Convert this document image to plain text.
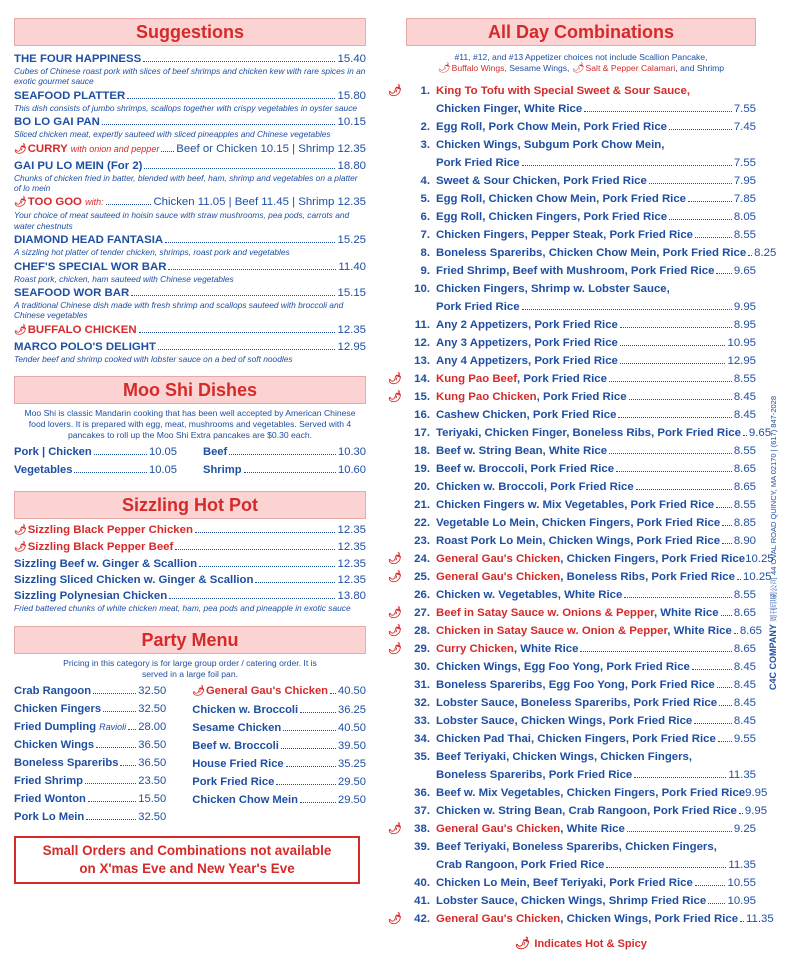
Suggestions
THE FOUR HAPPINESS	15.40
Cubes of Chinese roast pork with slices of beef shrimps and chicken kew with rare spices in an exotic gourmet sauce
SEAFOOD PLATTER	15.80
This dish consists of jumbo shrimps, scallops together with crispy vegetables in oyster sauce
BO LO GAI PAN	10.15
Sliced chicken meat, expertly sauteed with sliced pineapples and Chinese vegetables
🌶︎CURRY with onion and pepper Beef or Chicken 10.15 | Shrimp 12.35
GAI PU LO MEIN (For 2)	18.80
Chunks of chicken fried in batter, blended with beef, ham, shrimp and vegetables on a platter of lo mein
🌶︎TOO GOO with:	Chicken 11.05 | Beef 11.45 | Shrimp 12.35
Your choice of meat sauteed in hoisin sauce with straw mushrooms, pea pods, carrots and water chestnuts
DIAMOND HEAD FANTASIA	15.25
A sizzling hot platter of tender chicken, shrimps, roast pork and vegetables
CHEF'S SPECIAL WOR BAR	11.40
Roast pork, chicken, ham sauteed with Chinese vegetables
SEAFOOD WOR BAR	15.15
A traditional Chinese dish made with fresh shrimp and scallops sauteed with broccoli and Chinese vegetables
🌶︎BUFFALO CHICKEN	12.35
MARCO POLO'S DELIGHT	12.95
Tender beef and shrimp cooked with lobster sauce on a bed of soft noodles
Moo Shi Dishes
Moo Shi is classic Mandarin cooking that has been well accepted by American Chinese food lovers. It is prepared with egg, meat, mushrooms and vegetables. Served with 4 pancakes to roll up the Moo Shi Extra pancakes are $0.30 each.
Pork | Chicken	10.05 Beef	10.30
Vegetables	10.05 Shrimp	10.60
Sizzling Hot Pot
🌶︎Sizzling Black Pepper Chicken	12.35
🌶︎Sizzling Black Pepper Beef	12.35
Sizzling Beef w. Ginger & Scallion	12.35
Sizzling Sliced Chicken w. Ginger & Scallion	12.35
Sizzling Polynesian Chicken	13.80
Fried battered chunks of white chicken meat, ham, pea pods and pineapple in exotic sauce
Party Menu
Pricing in this category is for large group order / catering order. It is served in a large foil pan.
Crab Rangoon	32.50
Chicken Fingers	32.50
Fried Dumpling Ravioli 28.00
Chicken Wings	36.50
Boneless Spareribs 36.50
Fried Shrimp	23.50
Fried Wonton	15.50
Pork Lo Mein	32.50
🌶︎General Gau's Chicken 40.50
Chicken w. Broccoli	36.25
Sesame Chicken	40.50
Beef w. Broccoli	39.50
House Fried Rice	35.25
Pork Fried Rice	29.50
Chicken Chow Mein	29.50
Small Orders and Combinations not available
on X'mas Eve and New Year's Eve
All Day Combinations
#11, #12, and #13 Appetizer choices not include Scallion Pancake,
🌶︎Buffalo Wings, Sesame Wings, 🌶︎Salt & Pepper Calamari, and Shrimp
🌶︎ 1. King To Tofu with Special Sweet & Sour Sauce,
Chicken Finger, White Rice	7.55
2. Egg Roll, Pork Chow Mein, Pork Fried Rice	7.45
3. Chicken Wings, Subgum Pork Chow Mein,
Pork Fried Rice	7.55
4. Sweet & Sour Chicken, Pork Fried Rice	7.95
5. Egg Roll, Chicken Chow Mein, Pork Fried Rice	7.85
6. Egg Roll, Chicken Fingers, Pork Fried Rice	8.05
7. Chicken Fingers, Pepper Steak, Pork Fried Rice	8.55
8. Boneless Spareribs, Chicken Chow Mein, Pork Fried Rice 8.25
9. Fried Shrimp, Beef with Mushroom, Pork Fried Rice 9.65
10. Chicken Fingers, Shrimp w. Lobster Sauce,
Pork Fried Rice	9.95
11. Any 2 Appetizers, Pork Fried Rice	8.95
12. Any 3 Appetizers, Pork Fried Rice	10.95
13. Any 4 Appetizers, Pork Fried Rice	12.95
🌶︎ 14. Kung Pao Beef, Pork Fried Rice	8.55
🌶︎ 15. Kung Pao Chicken, Pork Fried Rice	8.45
16. Cashew Chicken, Pork Fried Rice	8.45
17. Teriyaki, Chicken Finger, Boneless Ribs, Pork Fried Rice 9.65
18. Beef w. String Bean, White Rice	8.55
19. Beef w. Broccoli, Pork Fried Rice	8.65
20. Chicken w. Broccoli, Pork Fried Rice	8.65
21. Chicken Fingers w. Mix Vegetables, Pork Fried Rice 8.55
22. Vegetable Lo Mein, Chicken Fingers, Pork Fried Rice 8.85
23. Roast Pork Lo Mein, Chicken Wings, Pork Fried Rice 8.90
🌶︎ 24. General Gau's Chicken, Chicken Fingers, Pork Fried Rice 10.25
🌶︎ 25. General Gau's Chicken, Boneless Ribs, Pork Fried Rice 10.25
26. Chicken w. Vegetables, White Rice	8.55
🌶︎ 27. Beef in Satay Sauce w. Onions & Pepper, White Rice 8.65
🌶︎ 28. Chicken in Satay Sauce w. Onion & Pepper, White Rice 8.65
🌶︎ 29. Curry Chicken, White Rice	8.65
30. Chicken Wings, Egg Foo Yong, Pork Fried Rice	8.45
31. Boneless Spareribs, Egg Foo Yong, Pork Fried Rice 8.45
32. Lobster Sauce, Boneless Spareribs, Pork Fried Rice 8.45
33. Lobster Sauce, Chicken Wings, Pork Fried Rice	8.45
34. Chicken Pad Thai, Chicken Fingers, Pork Fried Rice 9.55
35. Beef Teriyaki, Chicken Wings, Chicken Fingers,
Boneless Spareribs, Pork Fried Rice	11.35
36. Beef w. Mix Vegetables, Chicken Fingers, Pork Fried Rice 9.95
37. Chicken w. String Bean, Crab Rangoon, Pork Fried Rice 9.95
🌶︎ 38. General Gau's Chicken, White Rice	9.25
39. Beef Teriyaki, Boneless Spareribs, Chicken Fingers,
Crab Rangoon, Pork Fried Rice	11.35
40. Chicken Lo Mein, Beef Teriyaki, Pork Fried Rice	10.55
41. Lobster Sauce, Chicken Wings, Shrimp Fried Rice 10.95
🌶︎ 42. General Gau's Chicken, Chicken Wings, Pork Fried Rice 11.35
🌶︎ Indicates Hot & Spicy
C4C COMPANY 周刊印刷公司 44 OVAL ROAD QUINCY, MA 02170 | (617) 847-2028
